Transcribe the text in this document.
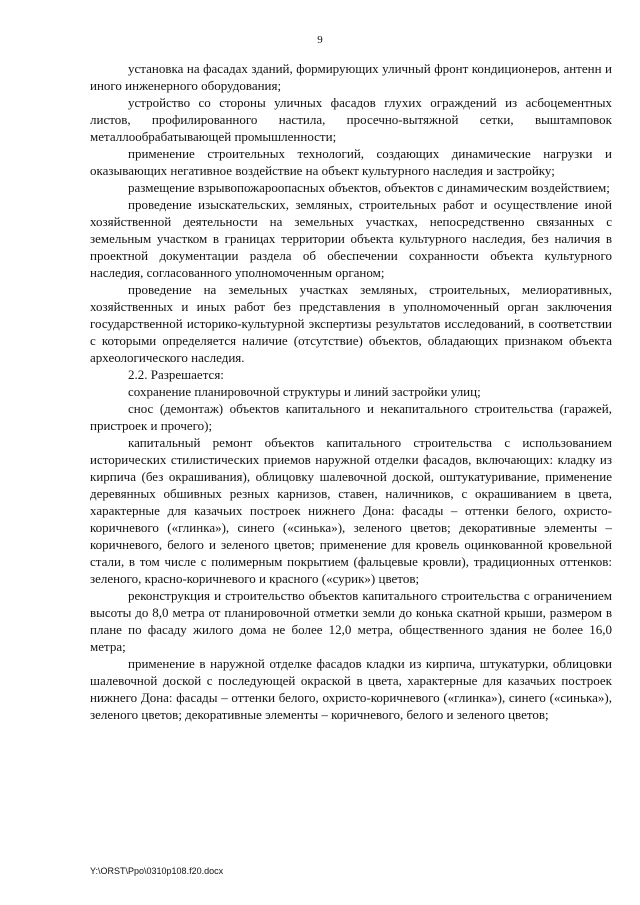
9

установка на фасадах зданий, формирующих уличный фронт кондиционеров, антенн и иного инженерного оборудования;

устройство со стороны уличных фасадов глухих ограждений из асбоцементных листов, профилированного настила, просечно-вытяжной сетки, выштамповок металлообрабатывающей промышленности;

применение строительных технологий, создающих динамические нагрузки и оказывающих негативное воздействие на объект культурного наследия и застройку;

размещение взрывопожароопасных объектов, объектов с динамическим воздействием;

проведение изыскательских, земляных, строительных работ и осуществление иной хозяйственной деятельности на земельных участках, непосредственно связанных с земельным участком в границах территории объекта культурного наследия, без наличия в проектной документации раздела об обеспечении сохранности объекта культурного наследия, согласованного уполномоченным органом;

проведение на земельных участках земляных, строительных, мелиоративных, хозяйственных и иных работ без представления в уполномоченный орган заключения государственной историко-культурной экспертизы результатов исследований, в соответствии с которыми определяется наличие (отсутствие) объектов, обладающих признаком объекта археологического наследия.

2.2. Разрешается:

сохранение планировочной структуры и линий застройки улиц;

снос (демонтаж) объектов капитального и некапитального строительства (гаражей, пристроек и прочего);

капитальный ремонт объектов капитального строительства с использованием исторических стилистических приемов наружной отделки фасадов, включающих: кладку из кирпича (без окрашивания), облицовку шалевочной доской, оштукатуривание, применение деревянных обшивных резных карнизов, ставен, наличников, с окрашиванием в цвета, характерные для казачьих построек нижнего Дона: фасады – оттенки белого, охристо-коричневого («глинка»), синего («синька»), зеленого цветов; декоративные элементы – коричневого, белого и зеленого цветов; применение для кровель оцинкованной кровельной стали, в том числе с полимерным покрытием (фальцевые кровли), традиционных оттенков: зеленого, красно-коричневого и красного («сурик») цветов;

реконструкция и строительство объектов капитального строительства с ограничением высоты до 8,0 метра от планировочной отметки земли до конька скатной крыши, размером в плане по фасаду жилого дома не более 12,0 метра, общественного здания не более 16,0 метра;

применение в наружной отделке фасадов кладки из кирпича, штукатурки, облицовки шалевочной доской с последующей окраской в цвета, характерные для казачьих построек нижнего Дона: фасады – оттенки белого, охристо-коричневого («глинка»), синего («синька»), зеленого цветов; декоративные элементы – коричневого, белого и зеленого цветов;

Y:\ORST\Ppo\0310p108.f20.docx
